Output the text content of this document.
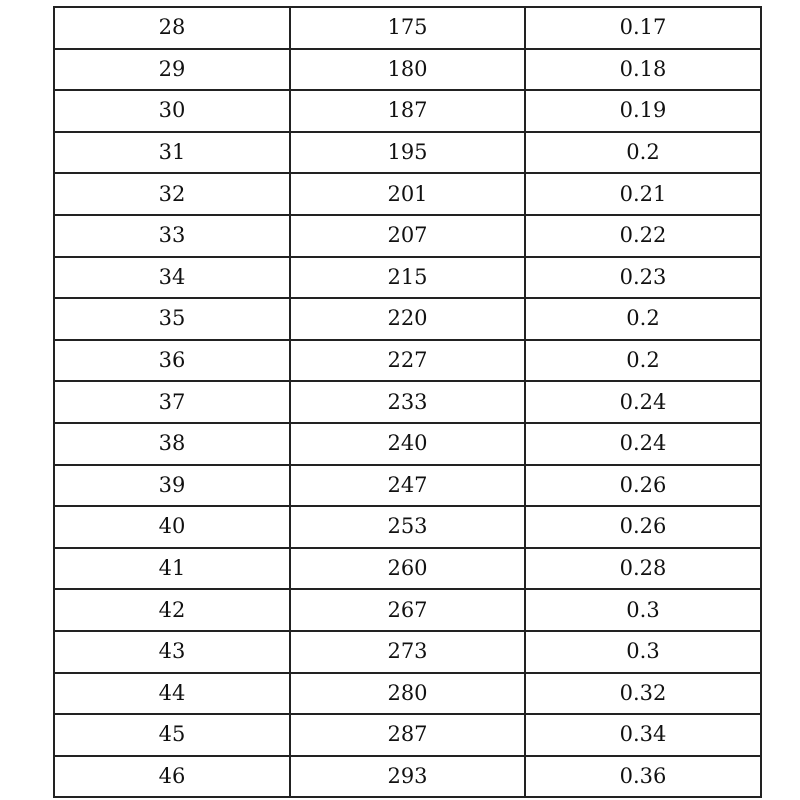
28	175	0.17
29	180	0.18
30	187	0.19
31	195	0.2
32	201	0.21
33	207	0.22
34	215	0.23
35	220	0.2
36	227	0.2
37	233	0.24
38	240	0.24
39	247	0.26
40	253	0.26
41	260	0.28
42	267	0.3
43	273	0.3
44	280	0.32
45	287	0.34
46	293	0.36
